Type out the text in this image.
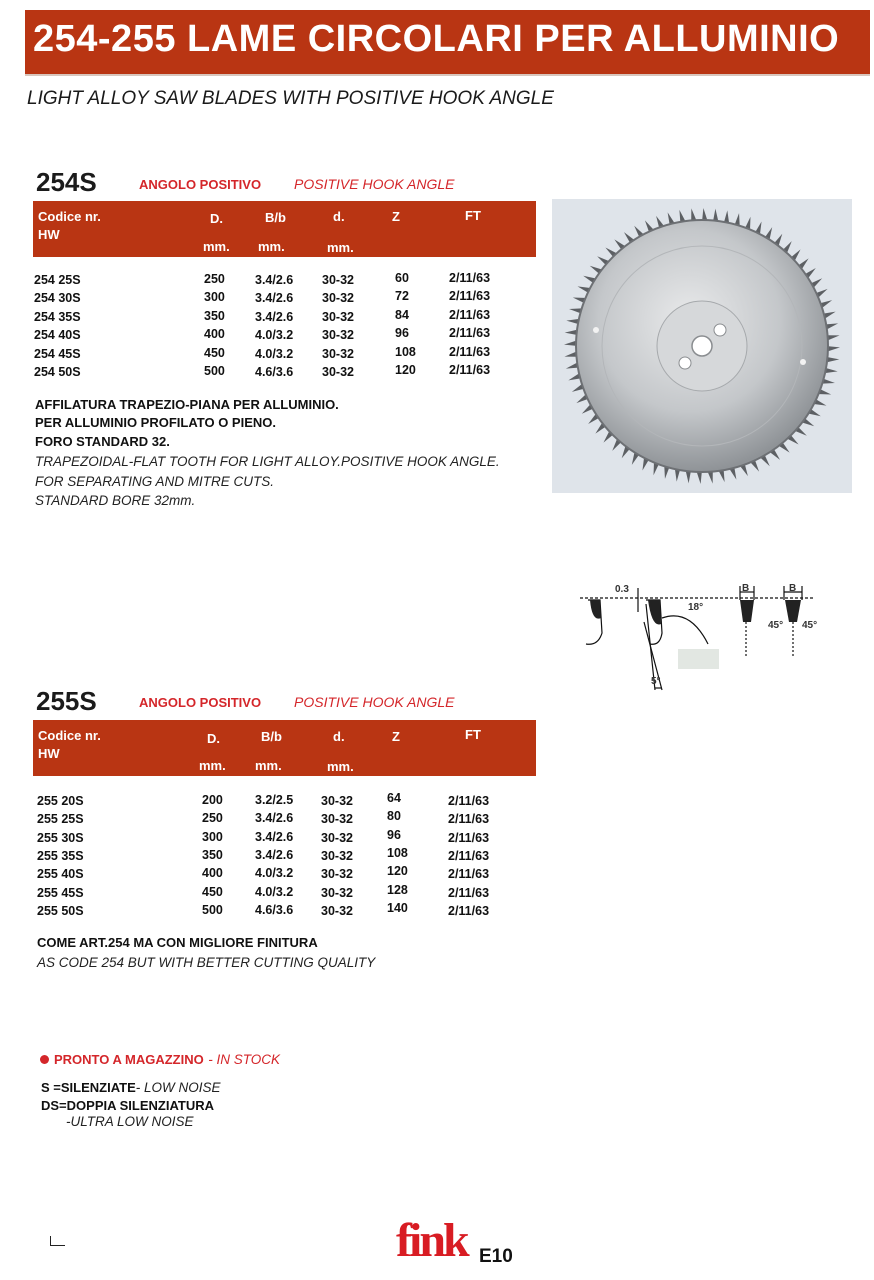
254-255 LAME CIRCOLARI PER ALLUMINIO
LIGHT ALLOY SAW BLADES WITH POSITIVE HOOK ANGLE
254S	ANGOLO POSITIVO POSITIVE HOOK ANGLE
Codice nr.
HW
D.	B/b	d.	Z	FT
mm. mm.	mm.
254 25S	250 3.4/2.6 30-32	60	2/11/63
254 30S	300 3.4/2.6 30-32	72	2/11/63
254 35S	350 3.4/2.6 30-32	84	2/11/63
254 40S	400 4.0/3.2 30-32	96	2/11/63
254 45S	450 4.0/3.2 30-32	108	2/11/63
254 50S	500 4.6/3.6 30-32	120	2/11/63
AFFILATURA TRAPEZIO-PIANA PER ALLUMINIO.
PER ALLUMINIO PROFILATO O PIENO.
FORO STANDARD 32.
TRAPEZOIDAL-FLAT TOOTH FOR LIGHT ALLOY.POSITIVE HOOK ANGLE.
FOR SEPARATING AND MITRE CUTS.
STANDARD BORE 32mm.
0.3
18°
5°
B	B
45° 45°
255S	ANGOLO POSITIVO POSITIVE HOOK ANGLE
Codice nr.
HW
D.	B/b	d.	Z	FT
mm. mm.	mm.
255 20S	200	3.2/2.5 30-32	64	2/11/63
255 25S	250	3.4/2.6 30-32	80	2/11/63
255 30S	300	3.4/2.6 30-32	96	2/11/63
255 35S	350	3.4/2.6 30-32	108	2/11/63
255 40S	400	4.0/3.2 30-32	120	2/11/63
255 45S	450	4.0/3.2 30-32	128	2/11/63
255 50S	500	4.6/3.6 30-32	140	2/11/63
COME ART.254 MA CON MIGLIORE FINITURA
AS CODE 254 BUT WITH BETTER CUTTING QUALITY
PRONTO A MAGAZZINO - IN STOCK
S =SILENZIATE- LOW NOISE
DS=DOPPIA SILENZIATURA
-ULTRA LOW NOISE
fink E10
